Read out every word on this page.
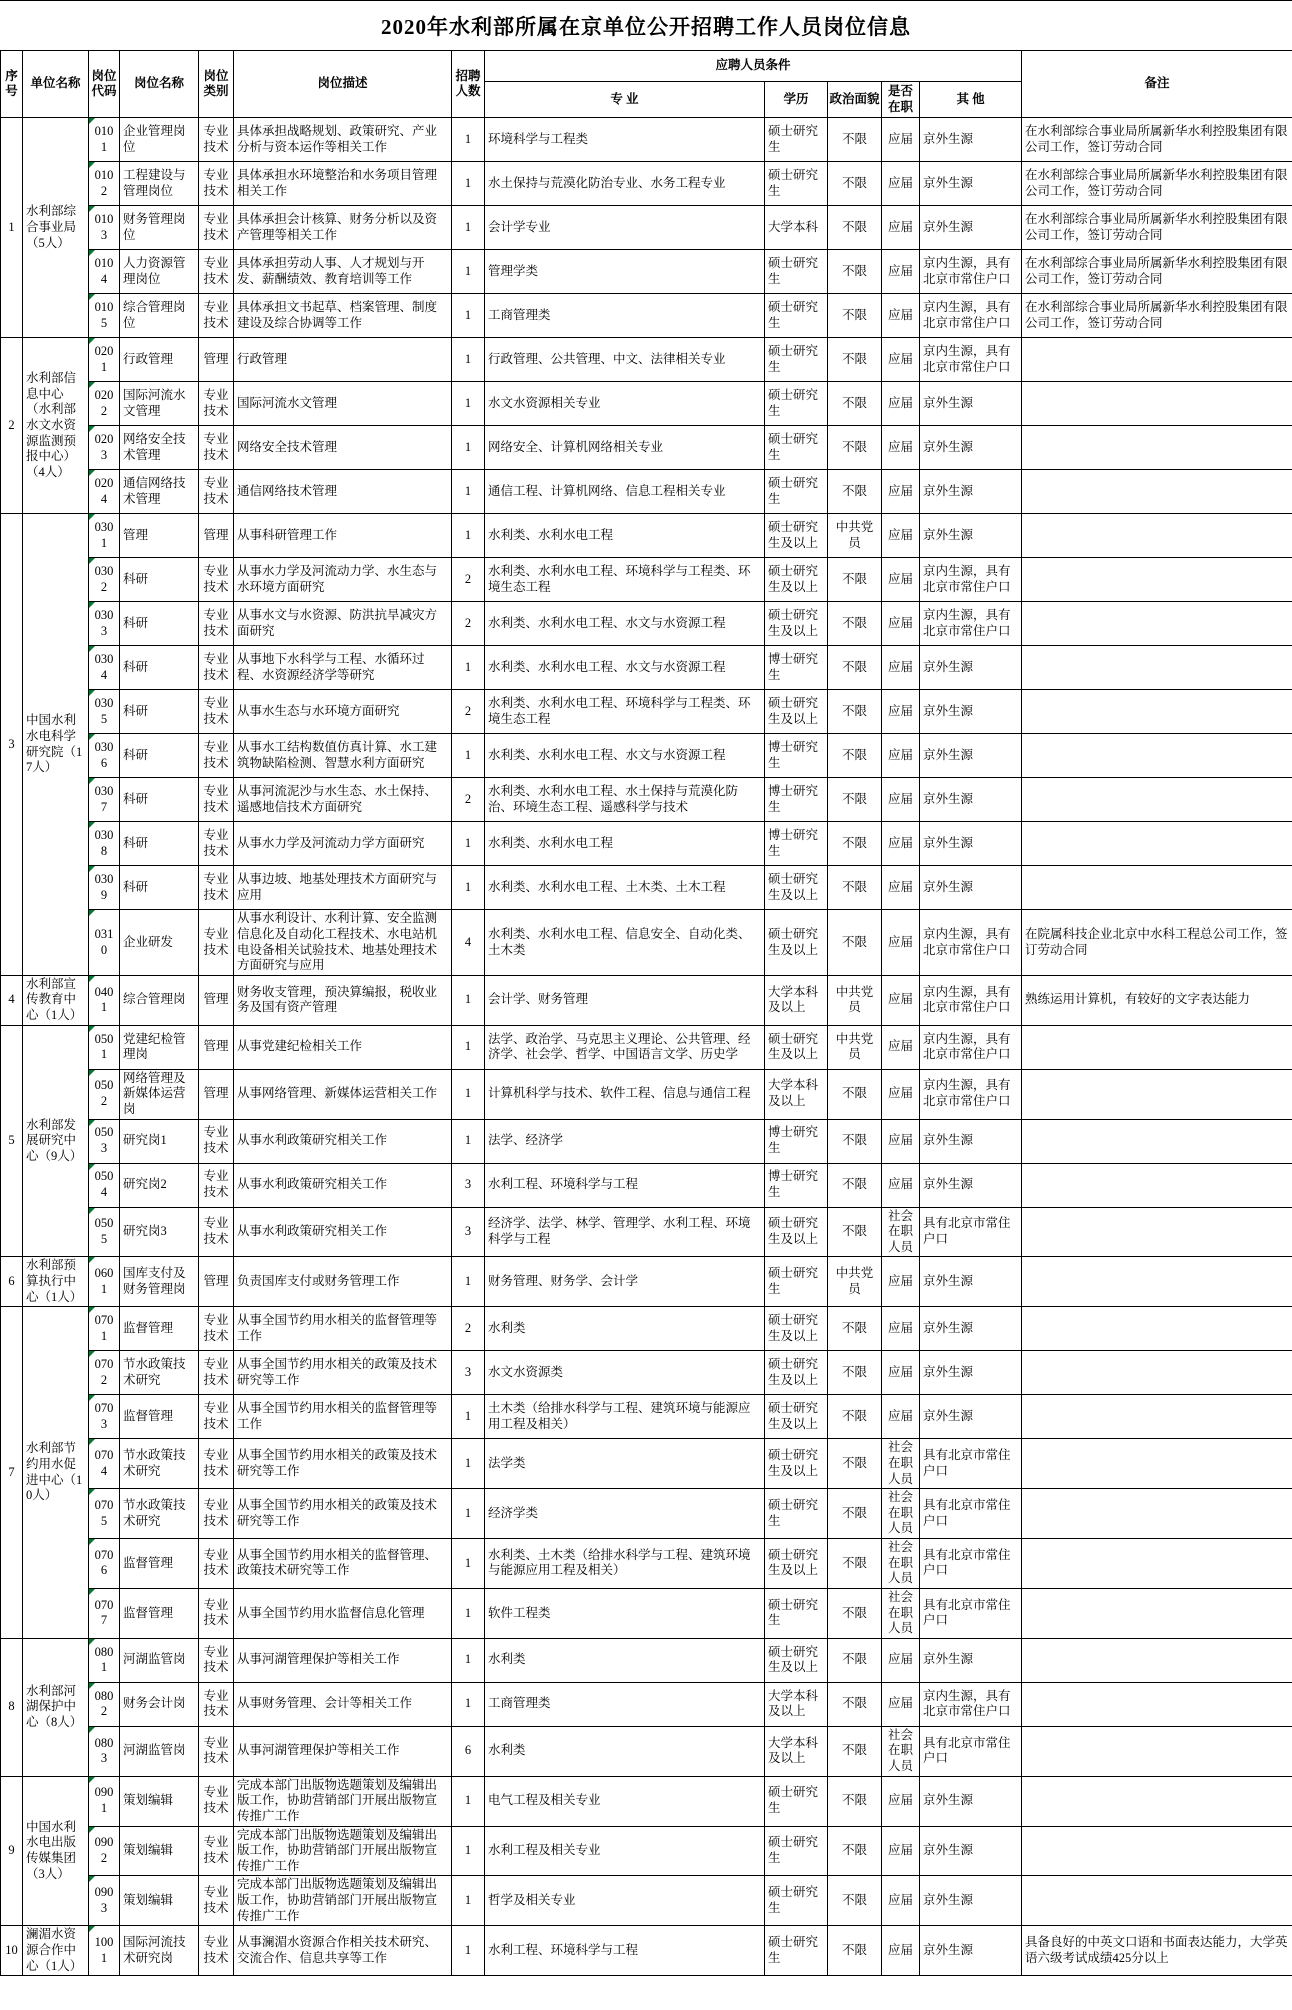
2020年水利部所属在京单位公开招聘工作人员岗位信息
序号	单位名称	岗位代码	岗位名称	岗位类别	岗位描述	招聘人数	应聘人员条件					备注
							专 业	学历	政治面貌	是否在职	其 他	
1	水利部综合事业局（5人）	0101	企业管理岗位	专业技术	具体承担战略规划、政策研究、产业分析与资本运作等相关工作	1	环境科学与工程类	硕士研究生	不限	应届	京外生源	在水利部综合事业局所属新华水利控股集团有限公司工作，签订劳动合同
		0102	工程建设与管理岗位	专业技术	具体承担水环境整治和水务项目管理相关工作	1	水土保持与荒漠化防治专业、水务工程专业	硕士研究生	不限	应届	京外生源	在水利部综合事业局所属新华水利控股集团有限公司工作，签订劳动合同
		0103	财务管理岗位	专业技术	具体承担会计核算、财务分析以及资产管理等相关工作	1	会计学专业	大学本科	不限	应届	京外生源	在水利部综合事业局所属新华水利控股集团有限公司工作，签订劳动合同
		0104	人力资源管理岗位	专业技术	具体承担劳动人事、人才规划与开发、薪酬绩效、教育培训等工作	1	管理学类	硕士研究生	不限	应届	京内生源，具有北京市常住户口	在水利部综合事业局所属新华水利控股集团有限公司工作，签订劳动合同
		0105	综合管理岗位	专业技术	具体承担文书起草、档案管理、制度建设及综合协调等工作	1	工商管理类	硕士研究生	不限	应届	京内生源，具有北京市常住户口	在水利部综合事业局所属新华水利控股集团有限公司工作，签订劳动合同
2	水利部信息中心（水利部水文水资源监测预报中心）（4人）	0201	行政管理	管理	行政管理	1	行政管理、公共管理、中文、法律相关专业	硕士研究生	不限	应届	京内生源，具有北京市常住户口	
		0202	国际河流水文管理	专业技术	国际河流水文管理	1	水文水资源相关专业	硕士研究生	不限	应届	京外生源	
		0203	网络安全技术管理	专业技术	网络安全技术管理	1	网络安全、计算机网络相关专业	硕士研究生	不限	应届	京外生源	
		0204	通信网络技术管理	专业技术	通信网络技术管理	1	通信工程、计算机网络、信息工程相关专业	硕士研究生	不限	应届	京外生源	
3	中国水利水电科学研究院（17人）	0301	管理	管理	从事科研管理工作	1	水利类、水利水电工程	硕士研究生及以上	中共党员	应届	京外生源	
		0302	科研	专业技术	从事水力学及河流动力学、水生态与水环境方面研究	2	水利类、水利水电工程、环境科学与工程类、环境生态工程	硕士研究生及以上	不限	应届	京内生源，具有北京市常住户口	
		0303	科研	专业技术	从事水文与水资源、防洪抗旱减灾方面研究	2	水利类、水利水电工程、水文与水资源工程	硕士研究生及以上	不限	应届	京内生源，具有北京市常住户口	
		0304	科研	专业技术	从事地下水科学与工程、水循环过程、水资源经济学等研究	1	水利类、水利水电工程、水文与水资源工程	博士研究生	不限	应届	京外生源	
		0305	科研	专业技术	从事水生态与水环境方面研究	2	水利类、水利水电工程、环境科学与工程类、环境生态工程	硕士研究生及以上	不限	应届	京外生源	
		0306	科研	专业技术	从事水工结构数值仿真计算、水工建筑物缺陷检测、智慧水利方面研究	1	水利类、水利水电工程、水文与水资源工程	博士研究生	不限	应届	京外生源	
		0307	科研	专业技术	从事河流泥沙与水生态、水土保持、遥感地信技术方面研究	2	水利类、水利水电工程、水土保持与荒漠化防治、环境生态工程、遥感科学与技术	博士研究生	不限	应届	京外生源	
		0308	科研	专业技术	从事水力学及河流动力学方面研究	1	水利类、水利水电工程	博士研究生	不限	应届	京外生源	
		0309	科研	专业技术	从事边坡、地基处理技术方面研究与应用	1	水利类、水利水电工程、土木类、土木工程	硕士研究生及以上	不限	应届	京外生源	
		0310	企业研发	专业技术	从事水利设计、水利计算、安全监测信息化及自动化工程技术、水电站机电设备相关试验技术、地基处理技术方面研究与应用	4	水利类、水利水电工程、信息安全、自动化类、土木类	硕士研究生及以上	不限	应届	京内生源，具有北京市常住户口	在院属科技企业北京中水科工程总公司工作，签订劳动合同
4	水利部宣传教育中心（1人）	0401	综合管理岗	管理	财务收支管理，预决算编报，税收业务及国有资产管理	1	会计学、财务管理	大学本科及以上	中共党员	应届	京内生源，具有北京市常住户口	熟练运用计算机，有较好的文字表达能力
5	水利部发展研究中心（9人）	0501	党建纪检管理岗	管理	从事党建纪检相关工作	1	法学、政治学、马克思主义理论、公共管理、经济学、社会学、哲学、中国语言文学、历史学	硕士研究生及以上	中共党员	应届	京内生源，具有北京市常住户口	
		0502	网络管理及新媒体运营岗	管理	从事网络管理、新媒体运营相关工作	1	计算机科学与技术、软件工程、信息与通信工程	大学本科及以上	不限	应届	京内生源，具有北京市常住户口	
		0503	研究岗1	专业技术	从事水利政策研究相关工作	1	法学、经济学	博士研究生	不限	应届	京外生源	
		0504	研究岗2	专业技术	从事水利政策研究相关工作	3	水利工程、环境科学与工程	博士研究生	不限	应届	京外生源	
		0505	研究岗3	专业技术	从事水利政策研究相关工作	3	经济学、法学、林学、管理学、水利工程、环境科学与工程	硕士研究生及以上	不限	社会在职人员	具有北京市常住户口	
6	水利部预算执行中心（1人）	0601	国库支付及财务管理岗	管理	负责国库支付或财务管理工作	1	财务管理、财务学、会计学	硕士研究生	中共党员	应届	京外生源	
7	水利部节约用水促进中心（10人）	0701	监督管理	专业技术	从事全国节约用水相关的监督管理等工作	2	水利类	硕士研究生及以上	不限	应届	京外生源	
		0702	节水政策技术研究	专业技术	从事全国节约用水相关的政策及技术研究等工作	3	水文水资源类	硕士研究生及以上	不限	应届	京外生源	
		0703	监督管理	专业技术	从事全国节约用水相关的监督管理等工作	1	土木类（给排水科学与工程、建筑环境与能源应用工程及相关）	硕士研究生及以上	不限	应届	京外生源	
		0704	节水政策技术研究	专业技术	从事全国节约用水相关的政策及技术研究等工作	1	法学类	硕士研究生及以上	不限	社会在职人员	具有北京市常住户口	
		0705	节水政策技术研究	专业技术	从事全国节约用水相关的政策及技术研究等工作	1	经济学类	硕士研究生	不限	社会在职人员	具有北京市常住户口	
		0706	监督管理	专业技术	从事全国节约用水相关的监督管理、政策技术研究等工作	1	水利类、土木类（给排水科学与工程、建筑环境与能源应用工程及相关）	硕士研究生及以上	不限	社会在职人员	具有北京市常住户口	
		0707	监督管理	专业技术	从事全国节约用水监督信息化管理	1	软件工程类	硕士研究生	不限	社会在职人员	具有北京市常住户口	
8	水利部河湖保护中心（8人）	0801	河湖监管岗	专业技术	从事河湖管理保护等相关工作	1	水利类	硕士研究生及以上	不限	应届	京外生源	
		0802	财务会计岗	专业技术	从事财务管理、会计等相关工作	1	工商管理类	大学本科及以上	不限	应届	京内生源，具有北京市常住户口	
		0803	河湖监管岗	专业技术	从事河湖管理保护等相关工作	6	水利类	大学本科及以上	不限	社会在职人员	具有北京市常住户口	
9	中国水利水电出版传媒集团（3人）	0901	策划编辑	专业技术	完成本部门出版物选题策划及编辑出版工作，协助营销部门开展出版物宣传推广工作	1	电气工程及相关专业	硕士研究生	不限	应届	京外生源	
		0902	策划编辑	专业技术	完成本部门出版物选题策划及编辑出版工作，协助营销部门开展出版物宣传推广工作	1	水利工程及相关专业	硕士研究生	不限	应届	京外生源	
		0903	策划编辑	专业技术	完成本部门出版物选题策划及编辑出版工作，协助营销部门开展出版物宣传推广工作	1	哲学及相关专业	硕士研究生	不限	应届	京外生源	
10	澜湄水资源合作中心（1人）	1001	国际河流技术研究岗	专业技术	从事澜湄水资源合作相关技术研究、交流合作、信息共享等工作	1	水利工程、环境科学与工程	硕士研究生	不限	应届	京外生源	具备良好的中英文口语和书面表达能力，大学英语六级考试成绩425分以上
